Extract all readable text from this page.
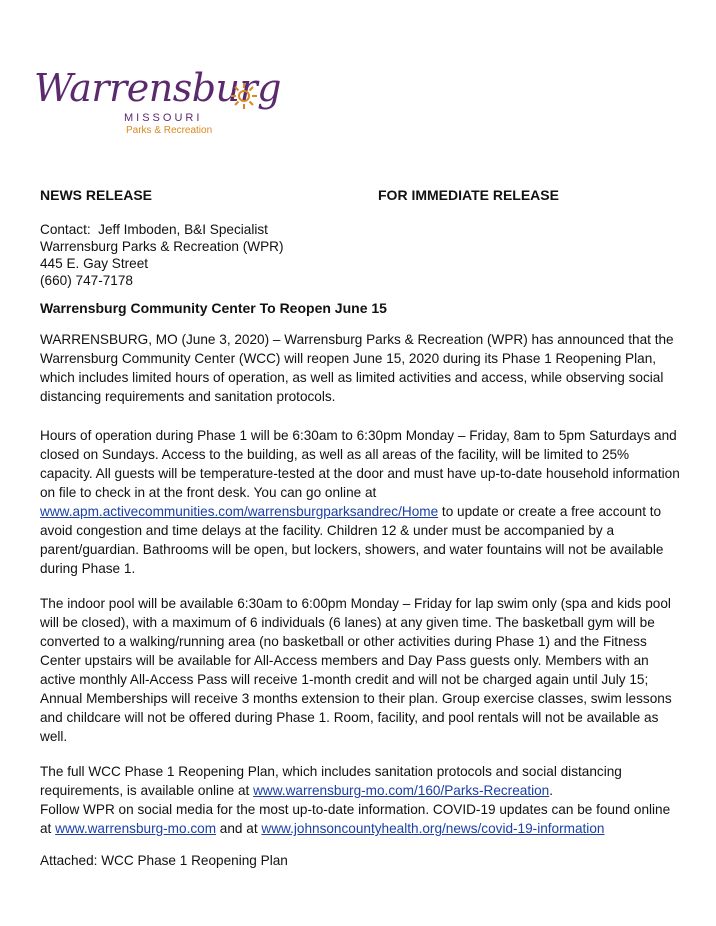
Warrensburg
MISSOURI
Parks & Recreation
NEWS RELEASE	FOR IMMEDIATE RELEASE
Contact:  Jeff Imboden, B&I Specialist
Warrensburg Parks & Recreation (WPR)
445 E. Gay Street
(660) 747-7178
Warrensburg Community Center To Reopen June 15
WARRENSBURG, MO (June 3, 2020) – Warrensburg Parks & Recreation (WPR) has announced that the Warrensburg Community Center (WCC) will reopen June 15, 2020 during its Phase 1 Reopening Plan, which includes limited hours of operation, as well as limited activities and access, while observing social distancing requirements and sanitation protocols.
Hours of operation during Phase 1 will be 6:30am to 6:30pm Monday – Friday, 8am to 5pm Saturdays and closed on Sundays. Access to the building, as well as all areas of the facility, will be limited to 25% capacity. All guests will be temperature-tested at the door and must have up-to-date household information on file to check in at the front desk. You can go online at
www.apm.activecommunities.com/warrensburgparksandrec/Home to update or create a free account to avoid congestion and time delays at the facility. Children 12 & under must be accompanied by a parent/guardian. Bathrooms will be open, but lockers, showers, and water fountains will not be available during Phase 1.
The indoor pool will be available 6:30am to 6:00pm Monday – Friday for lap swim only (spa and kids pool will be closed), with a maximum of 6 individuals (6 lanes) at any given time. The basketball gym will be converted to a walking/running area (no basketball or other activities during Phase 1) and the Fitness Center upstairs will be available for All-Access members and Day Pass guests only. Members with an active monthly All-Access Pass will receive 1-month credit and will not be charged again until July 15; Annual Memberships will receive 3 months extension to their plan. Group exercise classes, swim lessons and childcare will not be offered during Phase 1. Room, facility, and pool rentals will not be available as well.
The full WCC Phase 1 Reopening Plan, which includes sanitation protocols and social distancing requirements, is available online at www.warrensburg-mo.com/160/Parks-Recreation.
Follow WPR on social media for the most up-to-date information. COVID-19 updates can be found online at www.warrensburg-mo.com and at www.johnsoncountyhealth.org/news/covid-19-information
Attached: WCC Phase 1 Reopening Plan
